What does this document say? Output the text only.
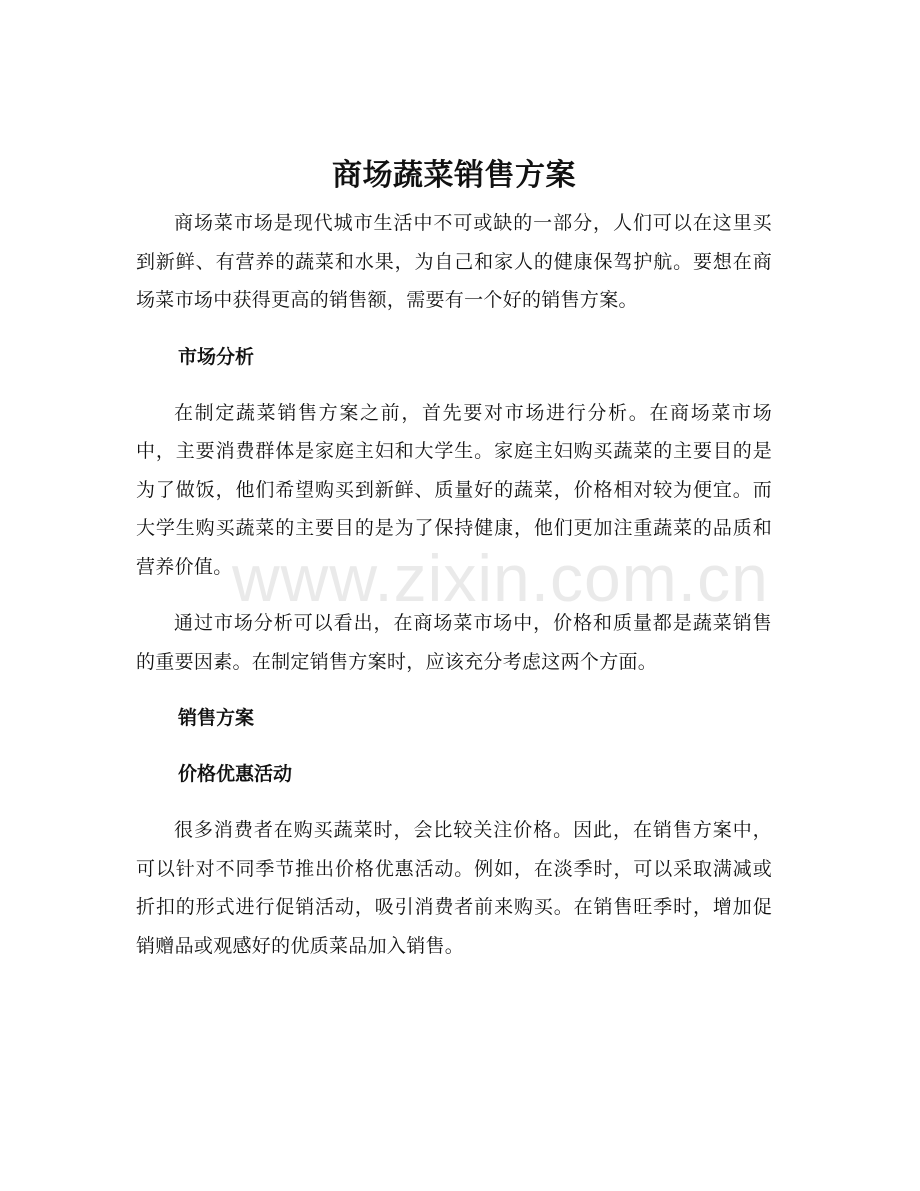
商场蔬菜销售方案

商场菜市场是现代城市生活中不可或缺的一部分，人们可以在这里买到新鲜、有营养的蔬菜和水果，为自己和家人的健康保驾护航。要想在商场菜市场中获得更高的销售额，需要有一个好的销售方案。

市场分析

在制定蔬菜销售方案之前，首先要对市场进行分析。在商场菜市场中，主要消费群体是家庭主妇和大学生。家庭主妇购买蔬菜的主要目的是为了做饭，他们希望购买到新鲜、质量好的蔬菜，价格相对较为便宜。而大学生购买蔬菜的主要目的是为了保持健康，他们更加注重蔬菜的品质和营养价值。

通过市场分析可以看出，在商场菜市场中，价格和质量都是蔬菜销售的重要因素。在制定销售方案时，应该充分考虑这两个方面。

销售方案
价格优惠活动

很多消费者在购买蔬菜时，会比较关注价格。因此，在销售方案中，可以针对不同季节推出价格优惠活动。例如，在淡季时，可以采取满减或折扣的形式进行促销活动，吸引消费者前来购买。在销售旺季时，增加促销赠品或观感好的优质菜品加入销售。

www.zixin.com.cn
